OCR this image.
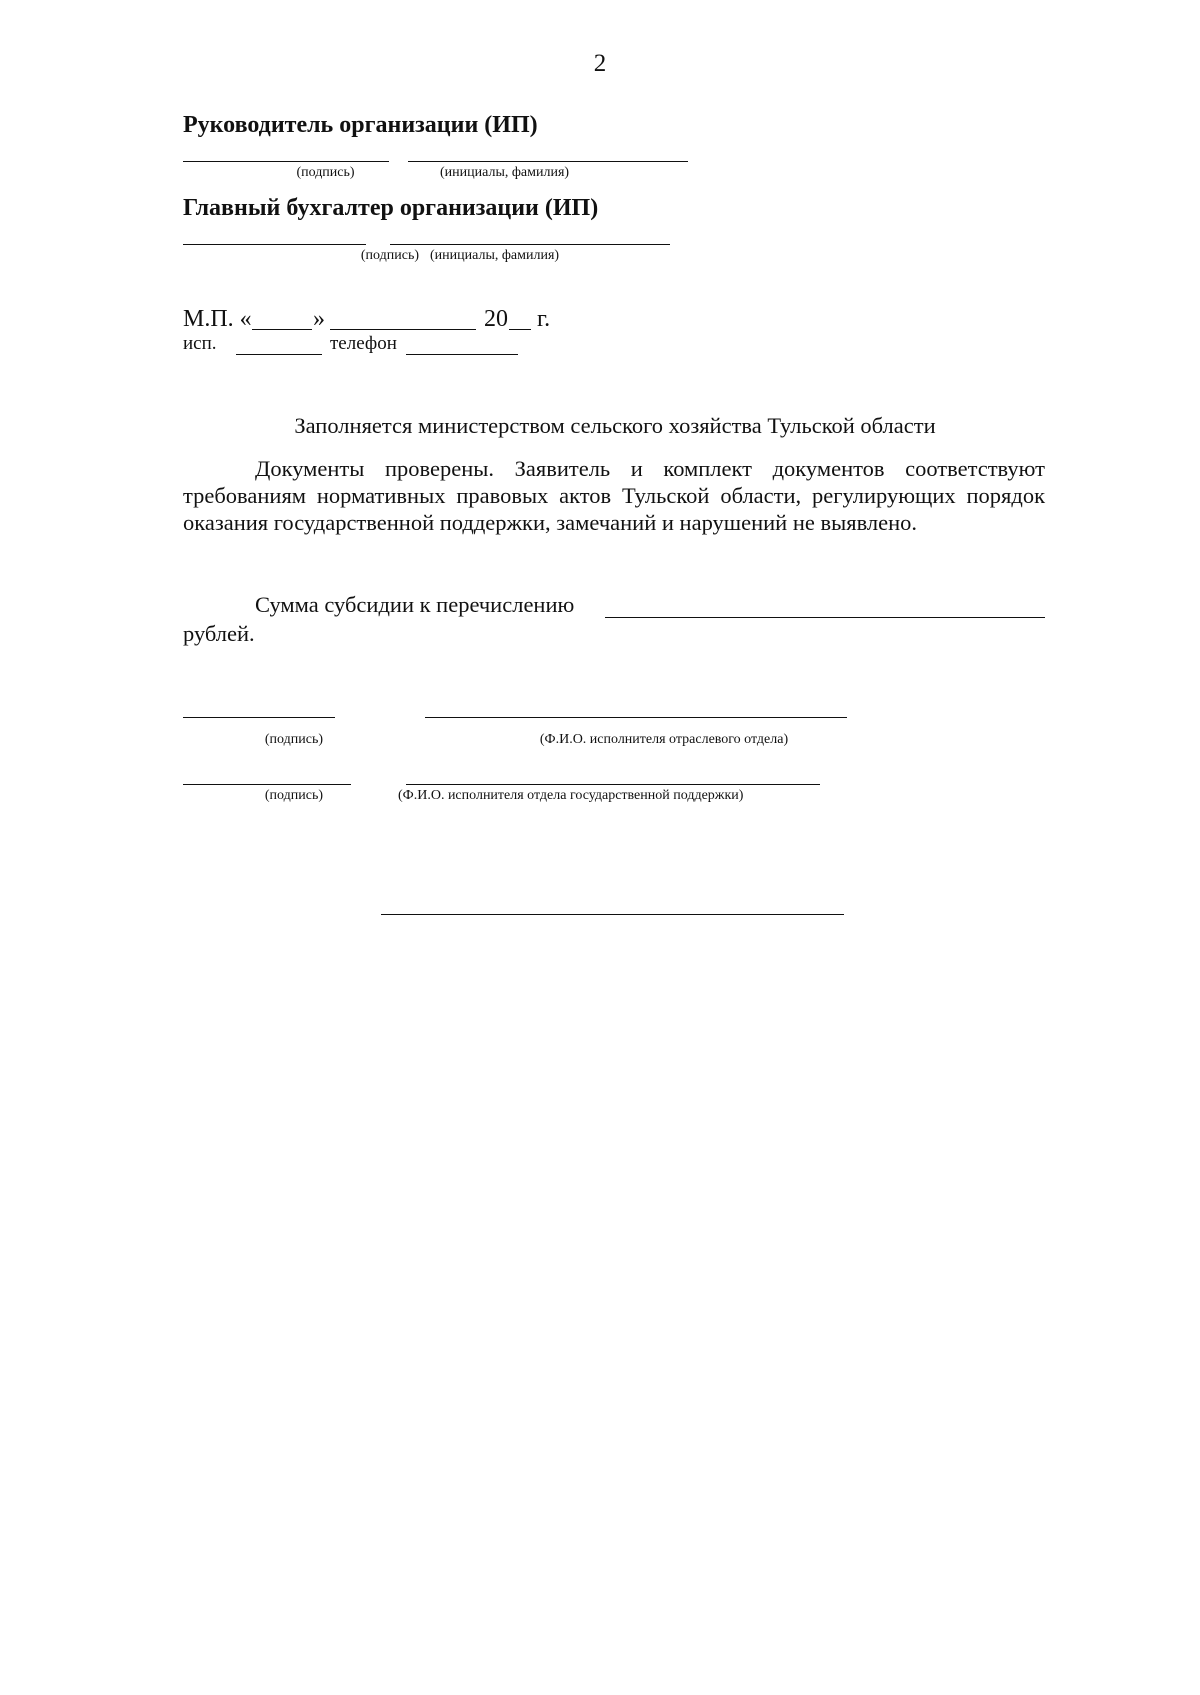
2
Руководитель организации (ИП)
(подпись)	(инициалы, фамилия)
Главный бухгалтер организации (ИП)
(подпись) (инициалы, фамилия)
М.П. «	»	20 г.
исп.	телефон
Заполняется министерством сельского хозяйства Тульской области
Документы проверены. Заявитель и комплект документов соответствуют требованиям нормативных правовых актов Тульской области, регулирующих порядок оказания государственной поддержки, замечаний и нарушений не выявлено.
Сумма субсидии к перечислению
рублей.
(подпись)	(Ф.И.О. исполнителя отраслевого отдела)
(подпись)	(Ф.И.О. исполнителя отдела государственной поддержки)
